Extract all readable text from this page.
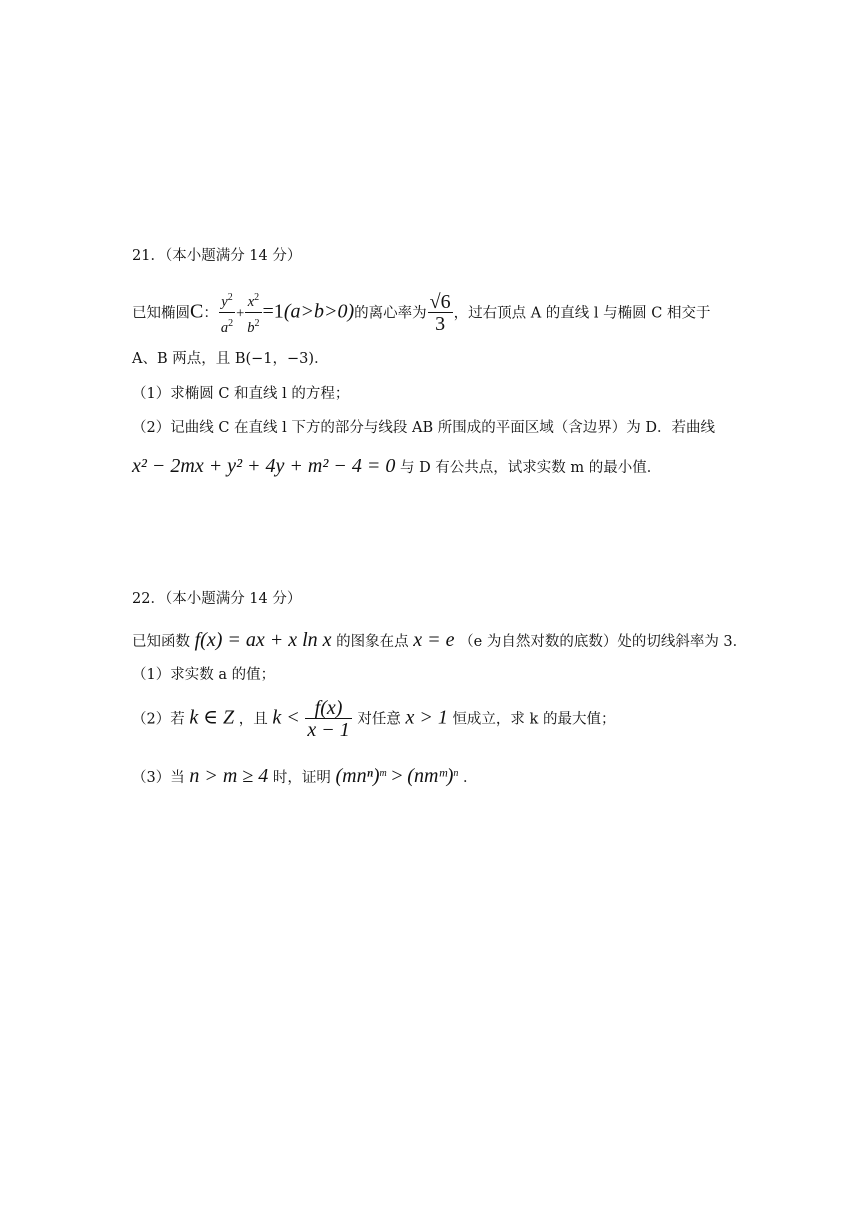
21．（本小题满分 14 分）
已知椭圆C： $\frac{y^2}{a^2} + \frac{x^2}{b^2} =1(a>b>0)$的离心率为 $\frac{√6}{3}$ ，过右顶点 A 的直线 l 与椭圆 C 相交于
A、B 两点，且 B(−1，−3)．
（1）求椭圆 C 和直线 l 的方程；
（2）记曲线 C 在直线 l 下方的部分与线段 AB 所围成的平面区域（含边界）为 D．若曲线
x² − 2mx + y² + 4y + m² − 4 = 0 与 D 有公共点，试求实数 m 的最小值．
22．（本小题满分 14 分）
已知函数 f(x) = ax + x ln x 的图象在点 x = e （e 为自然对数的底数）处的切线斜率为 3．
（1）求实数 a 的值；
（2）若 k ∈ Z ，且 $k < \frac{f(x)}{x - 1}$ 对任意 x > 1 恒成立，求 k 的最大值；
（3）当 n > m ≥ 4 时，证明 $(mn^n)^m$ > (nmᵐ)$^n$ ．
